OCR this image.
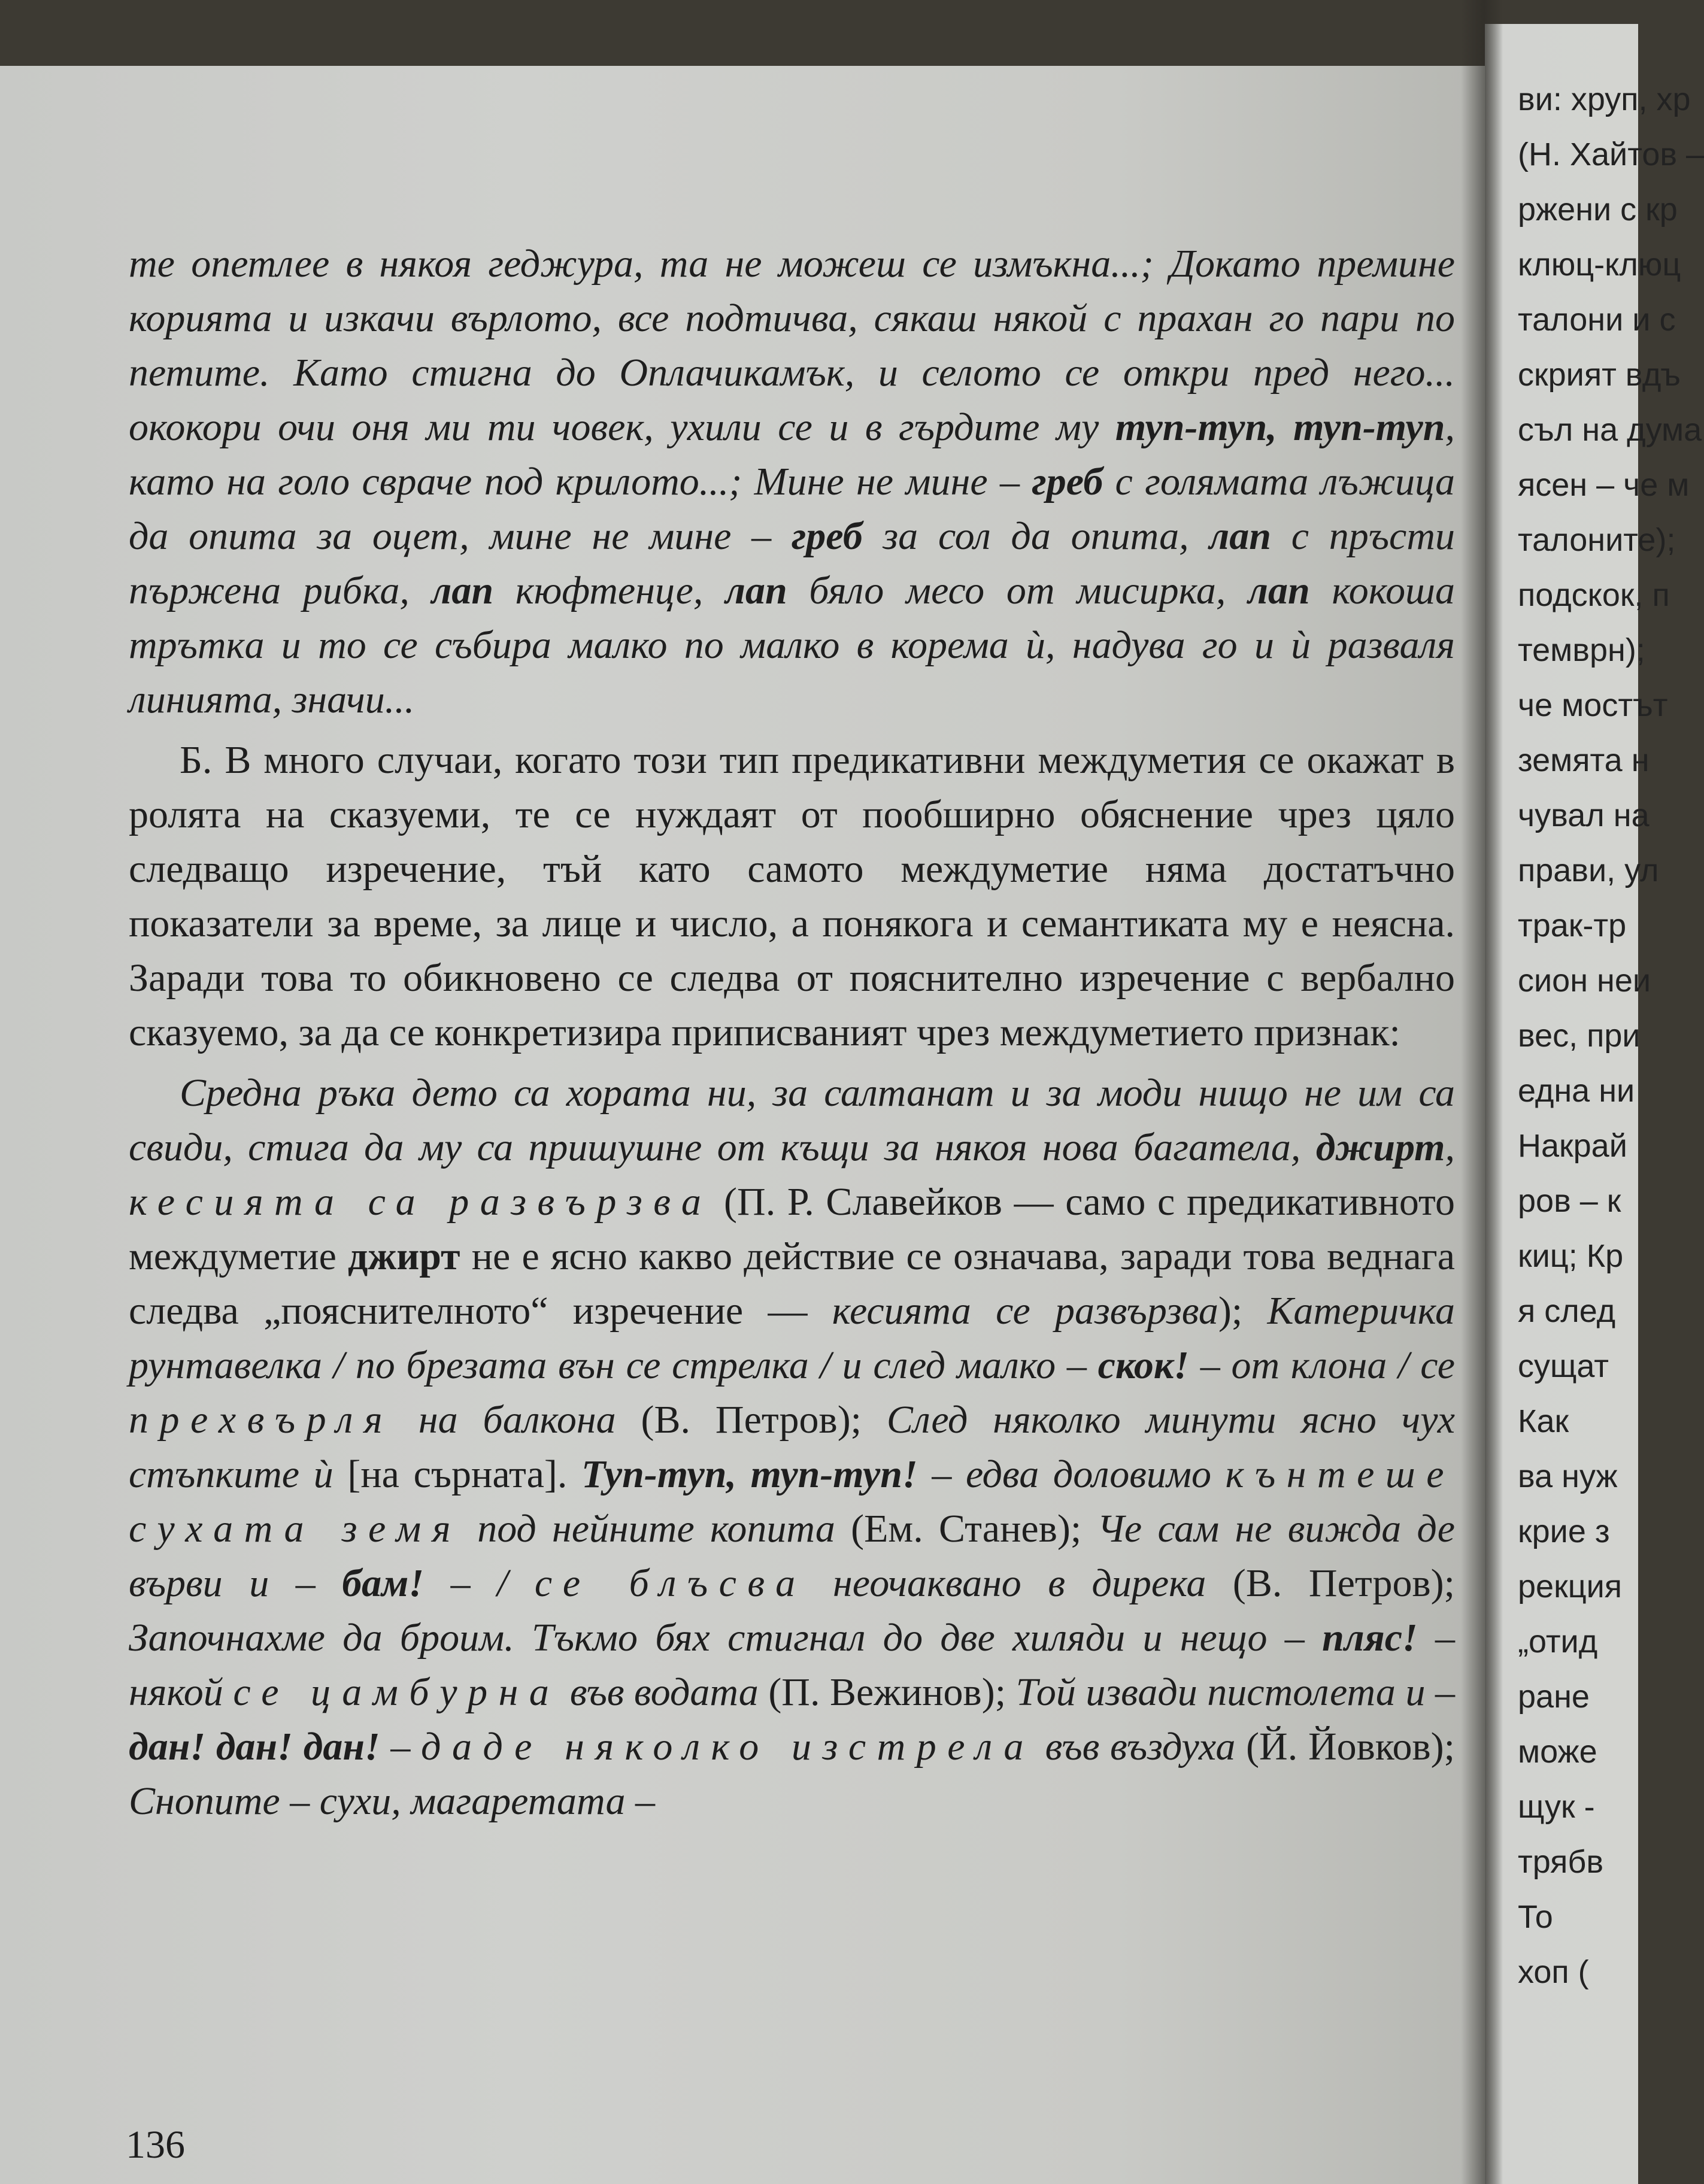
те опетлее в някоя геджура, та не можеш се измъкна...; Докато премине корията и изкачи върлото, все подтичва, сякаш някой с прахан го пари по петите. Като стигна до Оплачикамък, и селото се откри пред него... ококори очи оня ми ти човек, ухили се и в гърдите му туп-туп, туп-туп, като на голо свраче под крилото...; Мине не мине – греб с голямата лъжица да опита за оцет, мине не мине – греб за сол да опита, лап с пръсти пържена рибка, лап кюфтенце, лап бяло месо от мисирка, лап кокоша тръткa и то се събира малко по малко в корема ѝ, надува го и ѝ разваля линията, значи...

Б. В много случаи, когато този тип предикативни междуметия се окажат в ролята на сказуеми, те се нуждаят от пообширно обяснение чрез цяло следващо изречение, тъй като самото междуметие няма достатъчно показатели за време, за лице и число, а понякога и семантиката му е неясна. Заради това то обикновено се следва от пояснително изречение с вербално сказуемо, за да се конкретизира приписваният чрез междуметието признак:

Средна ръка дето са хората ни, за салтанат и за моди нищо не им са свиди, стига да му са пришушне от къщи за някоя нова багатела, джирт, кесията са развързва (П. Р. Славейков — само с предикативното междуметие джирт не е ясно какво действие се означава, заради това веднага следва „пояснителното“ изречение — кесията се развързва); Катеричка рунтавелка / по брезата вън се стрелка / и след малко – скок! – от клона / се прехвърля на балкона (В. Петров); След няколко минути ясно чух стъпките ѝ [на сърната]. Туп-туп, туп-туп! – едва доловимо кънтеше сухата земя под нейните копита (Ем. Станев); Че сам не виждa де върви и – бам! – / се блъсва неочаквано в дирека (В. Петров); Започнахме да броим. Тъкмо бях стигнал до две хиляди и нещо – пляс! – някой се цамбурна във водата (П. Вежинов); Той извади пистолета и – дан! дан! дан! – даде няколко изстрела във въздуха (Й. Йовков); Снопите – сухи, магаретата –

136
ви: хруп, хр
(Н. Хайтов –
ржени с кр
клюц-клюц
талони и с
скрият вдъ
съл на дума
ясен – че м
талоните);
подскок, п
темврн);
че мостът
земята н
чувал на
прави, ул
трак-тр
сион неи
вес, при
една ни
Накрай
ров – к
киц; Кр
я след
сущат
Как
ва нуж
крие з
рекция
„отид
ране
може
щук -
трябв
То
хоп (
